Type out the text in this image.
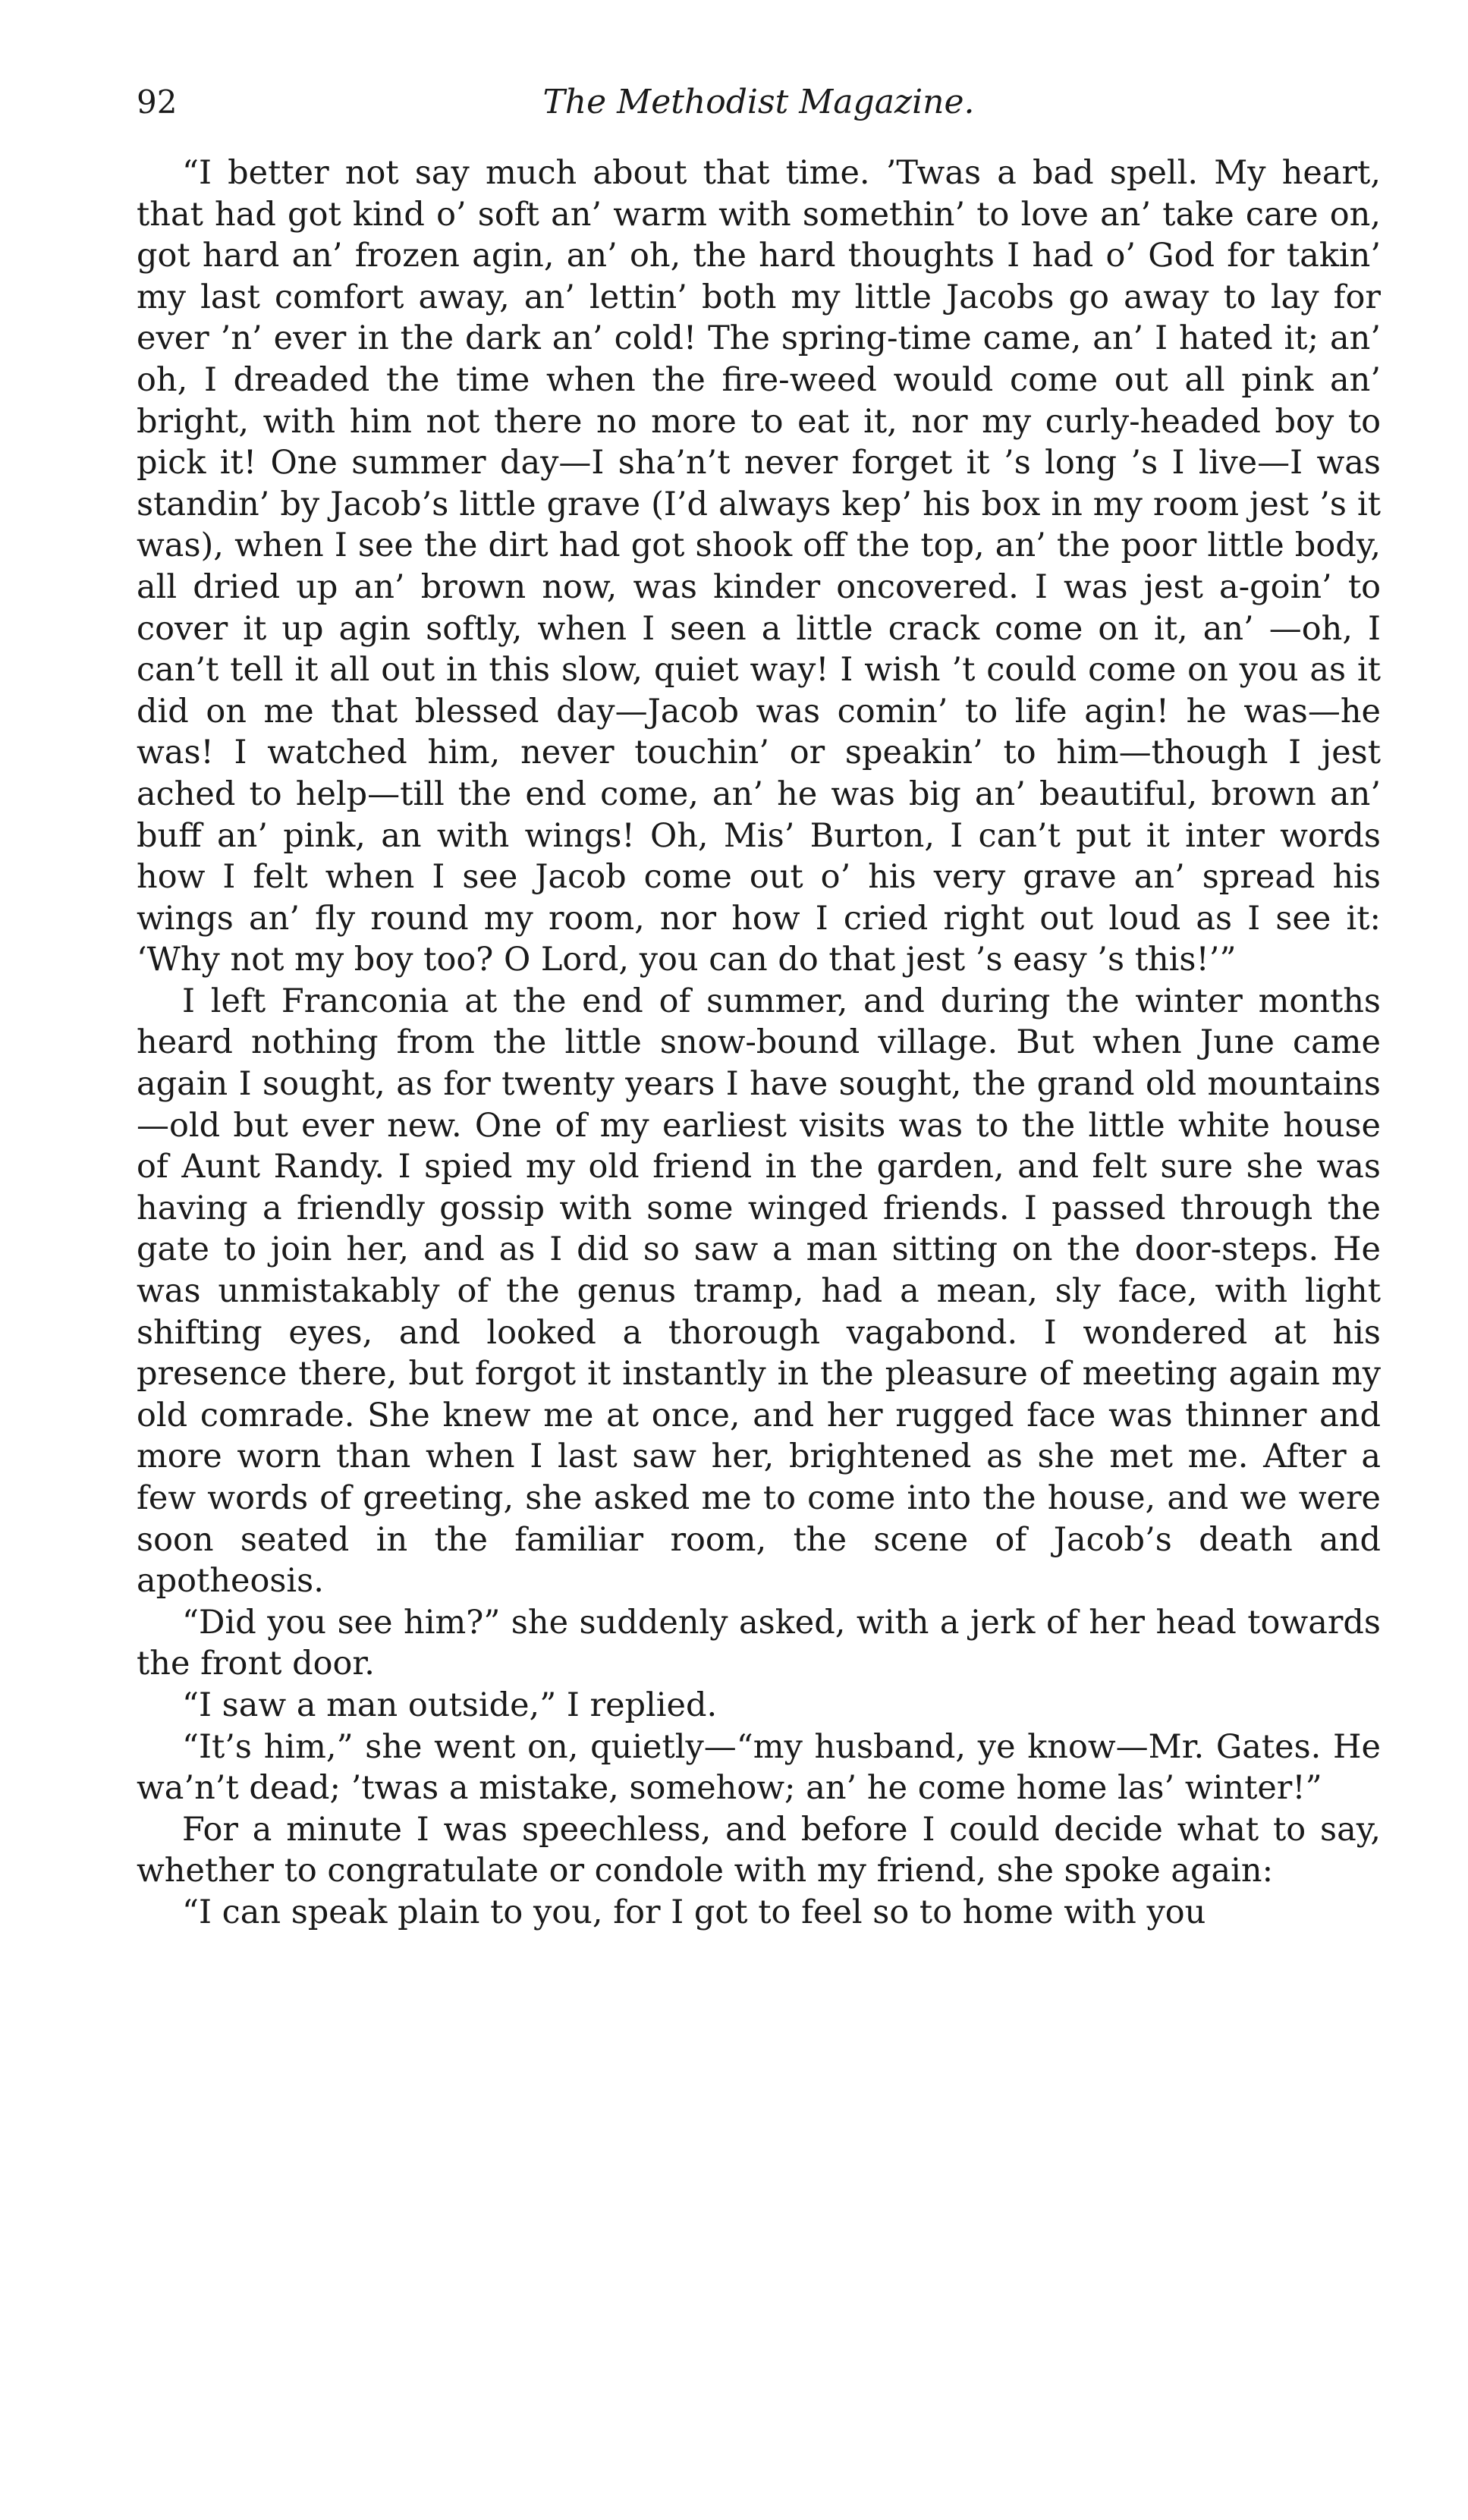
92	The Methodist Magazine.

“I better not say much about that time. ’Twas a bad spell. My heart, that had got kind o’ soft an’ warm with somethin’ to love an’ take care on, got hard an’ frozen agin, an’ oh, the hard thoughts I had o’ God for takin’ my last comfort away, an’ lettin’ both my little Jacobs go away to lay for ever ’n’ ever in the dark an’ cold! The spring-time came, an’ I hated it; an’ oh, I dreaded the time when the fire-weed would come out all pink an’ bright, with him not there no more to eat it, nor my curly-headed boy to pick it! One summer day—I sha’n’t never forget it ’s long ’s I live—I was standin’ by Jacob’s little grave (I’d always kep’ his box in my room jest ’s it was), when I see the dirt had got shook off the top, an’ the poor little body, all dried up an’ brown now, was kinder oncovered. I was jest a-goin’ to cover it up agin softly, when I seen a little crack come on it, an’ —oh, I can’t tell it all out in this slow, quiet way! I wish ’t could come on you as it did on me that blessed day—Jacob was comin’ to life agin! he was—he was! I watched him, never touchin’ or speakin’ to him—though I jest ached to help—till the end come, an’ he was big an’ beautiful, brown an’ buff an’ pink, an with wings! Oh, Mis’ Burton, I can’t put it inter words how I felt when I see Jacob come out o’ his very grave an’ spread his wings an’ fly round my room, nor how I cried right out loud as I see it: ‘Why not my boy too? O Lord, you can do that jest ’s easy ’s this!’”

I left Franconia at the end of summer, and during the winter months heard nothing from the little snow-bound village. But when June came again I sought, as for twenty years I have sought, the grand old mountains—old but ever new. One of my earliest visits was to the little white house of Aunt Randy. I spied my old friend in the garden, and felt sure she was having a friendly gossip with some winged friends. I passed through the gate to join her, and as I did so saw a man sitting on the door-steps. He was unmistakably of the genus tramp, had a mean, sly face, with light shifting eyes, and looked a thorough vagabond. I wondered at his presence there, but forgot it instantly in the pleasure of meeting again my old comrade. She knew me at once, and her rugged face was thinner and more worn than when I last saw her, brightened as she met me. After a few words of greeting, she asked me to come into the house, and we were soon seated in the familiar room, the scene of Jacob’s death and apotheosis.

“Did you see him?” she suddenly asked, with a jerk of her head towards the front door.

“I saw a man outside,” I replied.

“It’s him,” she went on, quietly—“my husband, ye know—Mr. Gates. He wa’n’t dead; ’twas a mistake, somehow; an’ he come home las’ winter!”

For a minute I was speechless, and before I could decide what to say, whether to congratulate or condole with my friend, she spoke again:

“I can speak plain to you, for I got to feel so to home with you
